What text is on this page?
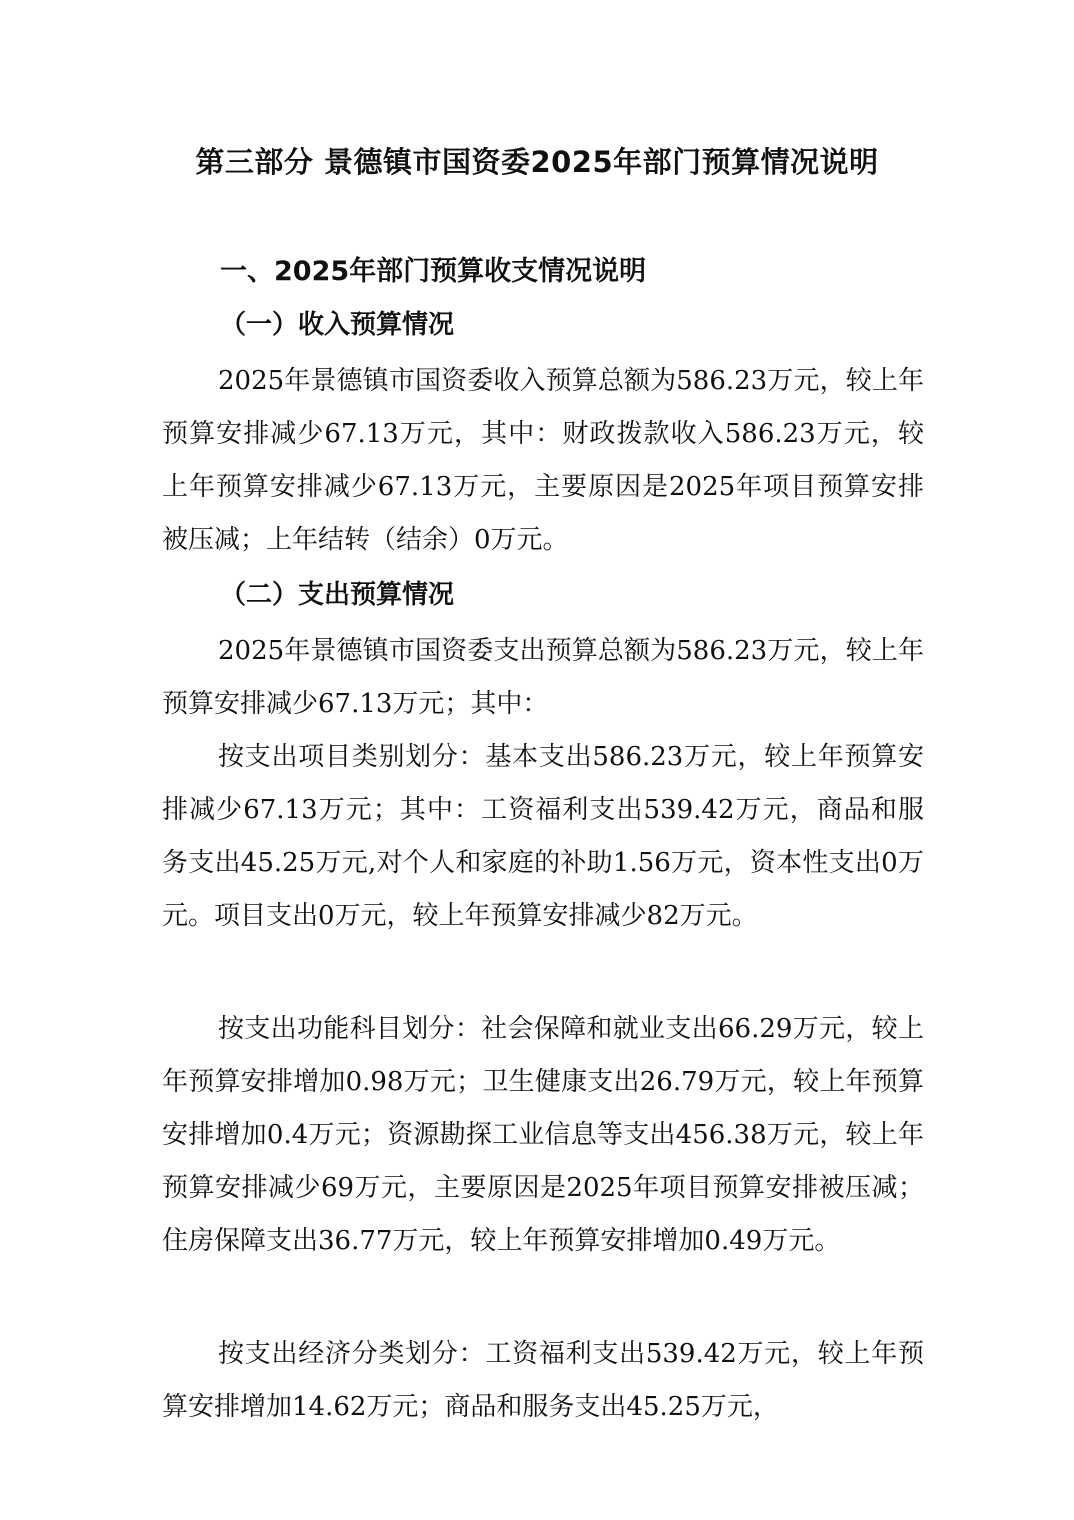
第三部分 景德镇市国资委2025年部门预算情况说明
一、2025年部门预算收支情况说明
（一）收入预算情况
2025年景德镇市国资委收入预算总额为586.23万元，较上年预算安排减少67.13万元，其中：财政拨款收入586.23万元，较上年预算安排减少67.13万元，主要原因是2025年项目预算安排被压减；上年结转（结余）0万元。
（二）支出预算情况
2025年景德镇市国资委支出预算总额为586.23万元，较上年预算安排减少67.13万元；其中：
按支出项目类别划分：基本支出586.23万元，较上年预算安排减少67.13万元；其中：工资福利支出539.42万元，商品和服务支出45.25万元,对个人和家庭的补助1.56万元，资本性支出0万元。项目支出0万元，较上年预算安排减少82万元。
按支出功能科目划分：社会保障和就业支出66.29万元，较上年预算安排增加0.98万元；卫生健康支出26.79万元，较上年预算安排增加0.4万元；资源勘探工业信息等支出456.38万元，较上年预算安排减少69万元，主要原因是2025年项目预算安排被压减；住房保障支出36.77万元，较上年预算安排增加0.49万元。
按支出经济分类划分：工资福利支出539.42万元，较上年预算安排增加14.62万元；商品和服务支出45.25万元，
